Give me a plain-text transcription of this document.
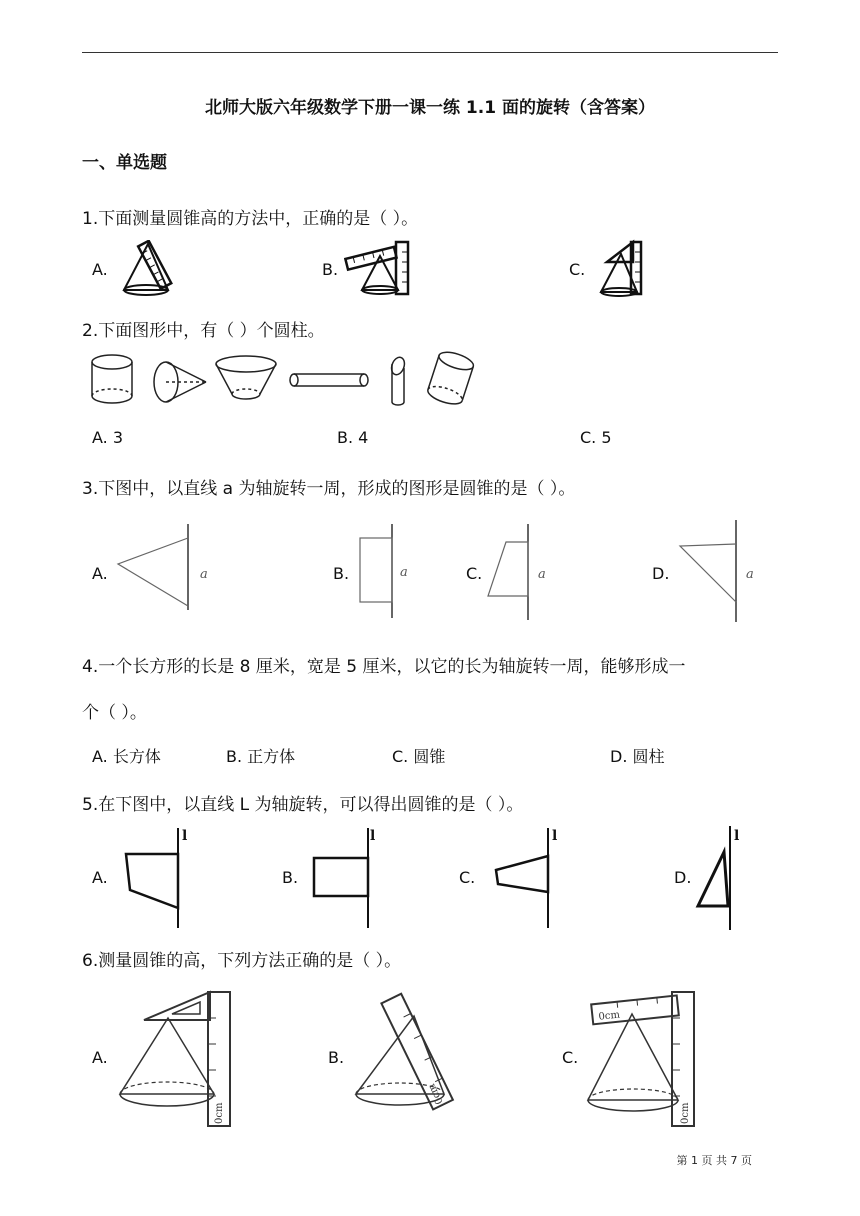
北师大版六年级数学下册一课一练 1.1 面的旋转（含答案）
一、单选题
1.下面测量圆锥高的方法中，正确的是（ ）。
A.	B.	C.
2.下面图形中，有（ ）个圆柱。
A. 3	B. 4	C. 5
3.下图中，以直线 a 为轴旋转一周，形成的图形是圆锥的是（ ）。
A.	B.	C.	D.
a	a	a	a
4.一个长方形的长是 8 厘米，宽是 5 厘米，以它的长为轴旋转一周，能够形成一
个（ ）。
A. 长方体	B. 正方体	C. 圆锥	D. 圆柱
5.在下图中，以直线 L 为轴旋转，可以得出圆锥的是（ ）。
A.	B.	C.	D.
l	l	l	l
6.测量圆锥的高，下列方法正确的是（ ）。
A.	B.	C.
0cm
0cm
0cm
0cm
第 1 页 共 7 页
